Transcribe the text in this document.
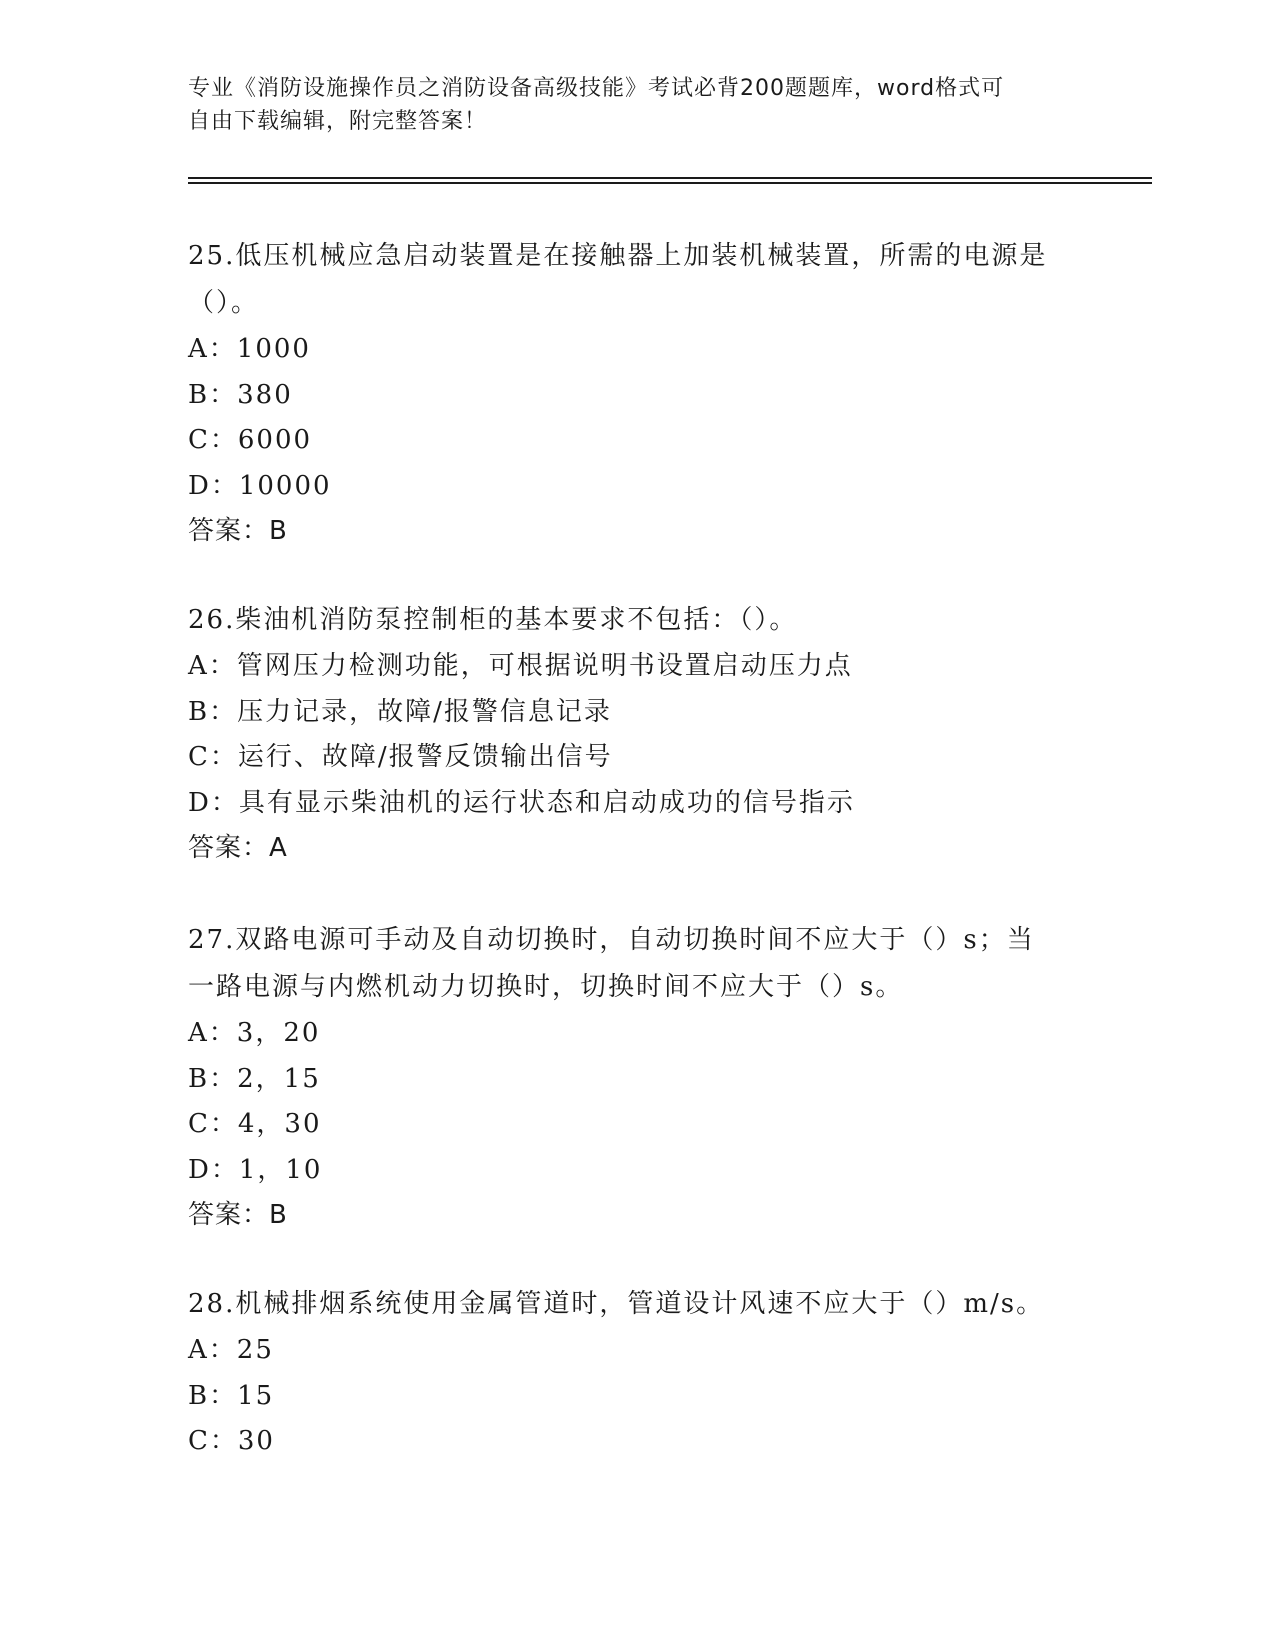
专业《消防设施操作员之消防设备高级技能》考试必背200题题库，word格式可
自由下载编辑，附完整答案！

25.低压机械应急启动装置是在接触器上加装机械装置，所需的电源是

（）。

A：1000

B：380

C：6000

D：10000

答案：B

26.柴油机消防泵控制柜的基本要求不包括：（）。

A：管网压力检测功能，可根据说明书设置启动压力点

B：压力记录，故障/报警信息记录

C：运行、故障/报警反馈输出信号

D：具有显示柴油机的运行状态和启动成功的信号指示

答案：A

27.双路电源可手动及自动切换时，自动切换时间不应大于（）s；当

一路电源与内燃机动力切换时，切换时间不应大于（）s。

A：3，20

B：2，15

C：4，30

D：1，10

答案：B

28.机械排烟系统使用金属管道时，管道设计风速不应大于（）m/s。

A：25

B：15

C：30
